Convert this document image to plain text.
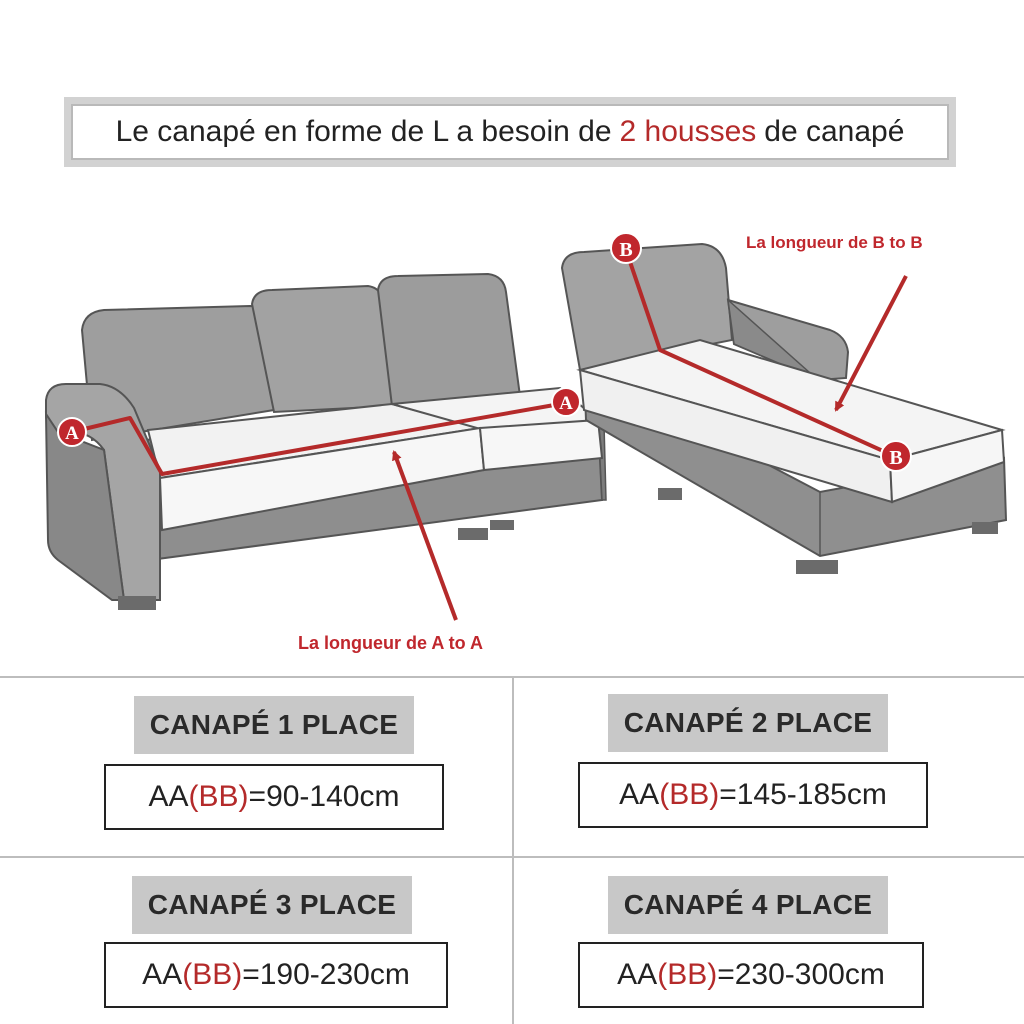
Le canapé en forme de L a besoin de 2 housses de canapé
A
A
B
B
La longueur de B to B
La longueur de A to A
CANAPÉ 1 PLACE
AA (BB) =90-140cm
CANAPÉ 2 PLACE
AA (BB) =145-185cm
CANAPÉ 3 PLACE
AA (BB) =190-230cm
CANAPÉ 4 PLACE
AA (BB) =230-300cm
